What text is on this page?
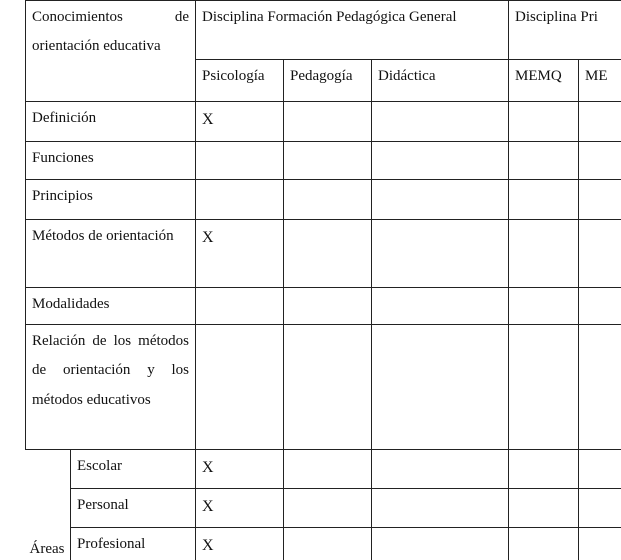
Conocimientos de orientación educativa		Disciplina Formación Pedagógica General			Disciplina Pri	
		Psicología	Pedagogía	Didáctica	MEMQ	ME
Definición		X				
Funciones						
Principios						

Métodos de orientación		X				
Modalidades						

Relación de los métodos de orientación y los métodos educativos						

Áreas	Escolar	X				
	Personal	X				
	Profesional	X				
